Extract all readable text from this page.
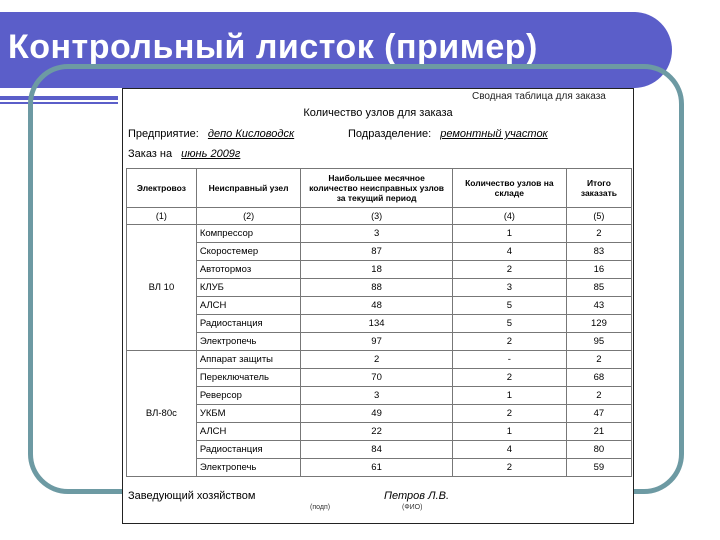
Контрольный листок (пример)
Сводная таблица для заказа
Количество узлов для заказа
Предприятие: депо Кисловодск	Подразделение: ремонтный участок
Заказ на июнь 2009г
Электровоз	Неисправный узел	Наибольшее месячное количество неисправных узлов за текущий период	Количество узлов на складе	Итого заказать
(1)	(2)	(3)	(4)	(5)
ВЛ 10	Компрессор	3	1	2
	Скоростемер	87	4	83
	Автотормоз	18	2	16
	КЛУБ	88	3	85
	АЛСН	48	5	43
	Радиостанция	134	5	129
	Электропечь	97	2	95
ВЛ-80с	Аппарат защиты	2	-	2
	Переключатель	70	2	68
	Реверсор	3	1	2
	УКБМ	49	2	47
	АЛСН	22	1	21
	Радиостанция	84	4	80
	Электропечь	61	2	59
Заведующий хозяйством	Петров Л.В.
(подп)	(ФИО)
